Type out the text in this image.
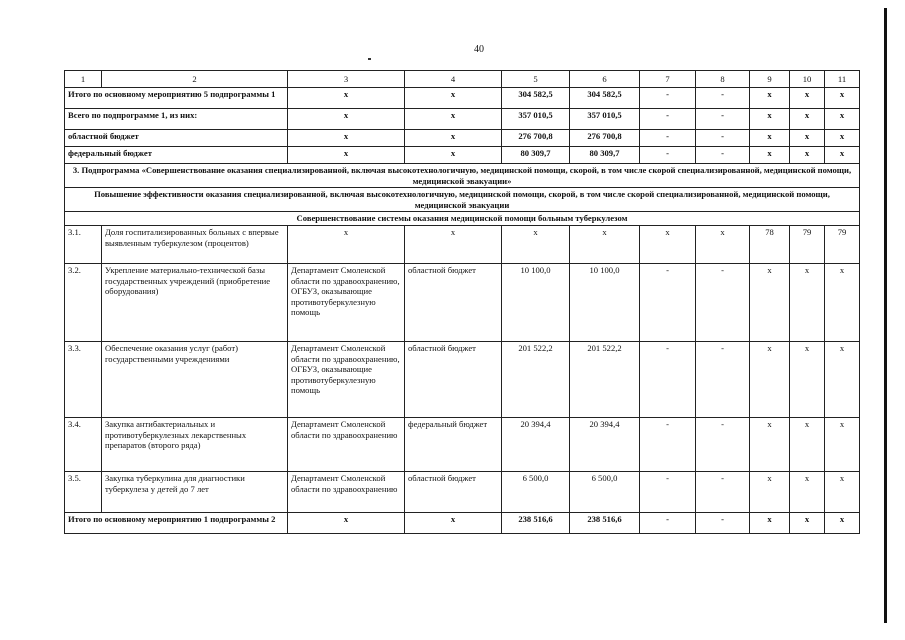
40
1	2	3	4	5	6	7	8	9	10	11
Итого по основному мероприятию 5 подпрограммы 1		х	х	304 582,5	304 582,5	-	-	х	х	х
Всего по подпрограмме 1, из них:		х	х	357 010,5	357 010,5	-	-	х	х	х
областной бюджет		х	х	276 700,8	276 700,8	-	-	х	х	х
федеральный бюджет		х	х	80 309,7	80 309,7	-	-	х	х	х
3. Подпрограмма «Совершенствование оказания специализированной, включая высокотехнологичную, медицинской помощи, скорой, в том числе скорой специализированной, медицинской помощи, медицинской эвакуации»										
Повышение эффективности оказания специализированной, включая высокотехнологичную, медицинской помощи, скорой, в том числе скорой специализированной, медицинской помощи, медицинской эвакуации										
Совершенствование системы оказания медицинской помощи больным туберкулезом										
3.1.	Доля госпитализированных больных с впервые выявленным туберкулезом (процентов)	х	х	х	х	х	х	78	79	79
3.2.	Укрепление материально-технической базы государственных учреждений (приобретение оборудования)	Департамент Смоленской области по здравоохранению, ОГБУЗ, оказывающие противотуберкулезную помощь	областной бюджет	10 100,0	10 100,0	-	-	х	х	х
3.3.	Обеспечение оказания услуг (работ) государственными учреждениями	Департамент Смоленской области по здравоохранению, ОГБУЗ, оказывающие противотуберкулезную помощь	областной бюджет	201 522,2	201 522,2	-	-	х	х	х
3.4.	Закупка антибактериальных и противотуберкулезных лекарственных препаратов (второго ряда)	Департамент Смоленской области по здравоохранению	федеральный бюджет	20 394,4	20 394,4	-	-	х	х	х
3.5.	Закупка туберкулина для диагностики туберкулеза у детей до 7 лет	Департамент Смоленской области по здравоохранению	областной бюджет	6 500,0	6 500,0	-	-	х	х	х
Итого по основному мероприятию 1 подпрограммы 2		х	х	238 516,6	238 516,6	-	-	х	х	х
